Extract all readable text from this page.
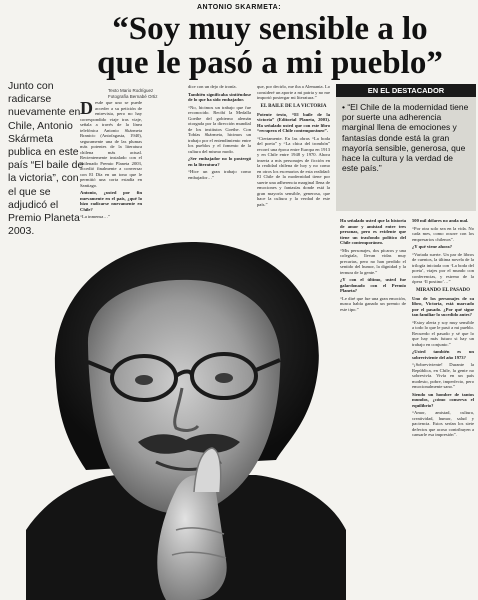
ANTONIO SKARMETA:
“Soy muy sensible a lo
que le pasó a mi pueblo”
Junto con radicarse nuevamente en Chile, Antonio Skármeta publica en este país “El baile de la victoria”, con el que se adjudicó el Premio Planeta 2003.
Texto Mario Rodríguez
Fotografía Bernabé Ortiz

Desde que uno se puede acceder a su petición de entrevista, pero no hay correspondido viaje tras viaje, señala a través de la línea telefónica Antonio Skármeta Branicic (Antofagasta, 1940), seguramente una de las plumas más potentes de la literatura chilena más actual. Recientemente instalado con el chilenado Premio Planeta 2003, accedió finalmente a conversar con El Día en un tono que le permitió una corta estadía en Santiago.

Antonio, ¿usted por fin nuevamente en el país, ¿qué lo hizo radicarse nuevamente en Chile?

“La inmensa…”

dice con un dejo de ironía.

También significaba sintiéndose de lo que ha sido embajador.

“No, hicimos un trabajo que fue reconocido. Recibí la Medalla Goethe del gobierno alemán otorgada por la dirección mundial de los institutos Goethe. Con Tobías Skármeta, hicimos un trabajo por el entendimiento entre los pueblos y el fomento de la cultura del mismo modo.

¿Ser embajador no lo postergó en la literatura?

“Hice un gran trabajo como embajador…”

que, por decirlo, me iba a Alemania. Lo consideré un aporte a mi patria y no me importó postergar mi literatura.”

EL BAILE DE LA VICTORIA

Potente texto, “El baile de la victoria” (Editorial Planeta, 2003). Ha señalado usted que con este libro “recupera el Chile contemporáneo”.

“Ciertamente. En las obras “La boda del poeta” y “La chica del trombón” recorrí una época entre Europa en 1913 y en Chile entre 1948 y 1970. Ahora inserta a mis personajes de ficción en la realidad chilena de hoy y no como en otros los escenarios de esta realidad: El Chile de la modernidad tiene por suerte una adherencia marginal llena de emociones y fantasías donde está la gran mayoría sensible, generosa, que hace la cultura y la verdad de este país.”

EN EL DESTACADOR
• “El Chile de la modernidad tiene por suerte una adherencia marginal llena de emociones y fantasías donde está la gran mayoría sensible, generosa, que hace la cultura y la verdad de este país.”

Ha señalado usted que la historia de amor y amistad entre tres personas, pero es evidente que tiene un trasfondo político del Chile contemporáneo.

“Mis personajes, dos pícaros y una colegiala, llevan vidas muy precarias, pero no han perdido el sentido del humor, la dignidad y la ternura de la gente.”

¿Y con el último, usted fue galardonado con el Premio Planeta?

“Le diré que fue una gran emoción, nunca había ganado un premio de este tipo.”

500 mil dólares no anda mal.

“Por otra solo sea en la vida. No cada mes, como ocurre con los empresarios chilenos”.

¿Y qué viene ahora?

“Variada suerte. Un par de libros de cuentos, la última novela de la trilogía iniciada con ‘La boda del poeta’, viajes por el mundo con conferencias, y estreno de la ópera ‘Il postino’…”

MIRANDO EL PASADO

Uno de los personajes de su libro, Victoria, está marcado por el pasado. ¿Por qué sigue tan familiar lo sucedido antes?

“Estoy alerta y soy muy sensible a todo lo que le pasó a mi pueblo. Recuerdo el pasado y sé que lo que hay más futuro si hay un trabajo en conjunto.”

¿Usted también es un sobreviviente del año 1973?

“¡Sobreviviente! Durante la República, en Chile, la gente no sobrevivía. Vivía en un país modesto, pobre, imperfecto, pero emocionalmente sano.”

Siendo un hombre de tantos mundos, ¿cómo conserva el equilibrio?

“Amor, amistad, cultura, creatividad, humor, salud y paciencia. Estos serían los siete defectos que acoso contribuyen a cansarle esa impresión”.
